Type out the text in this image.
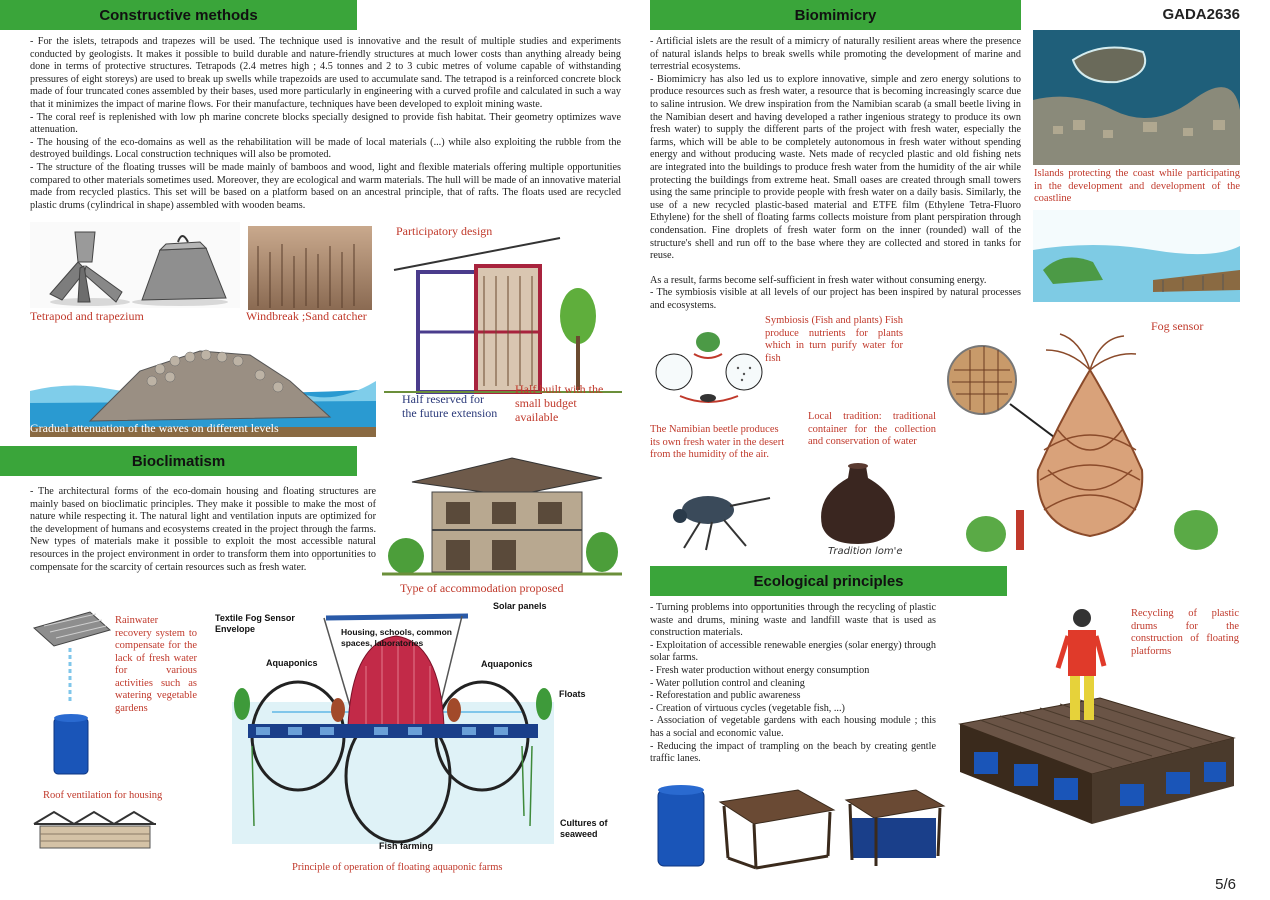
Constructive methods	Biomimicry
Bioclimatism
Ecological principles
GADA2636
5/6

- For the islets, tetrapods and trapezes will be used. The technique used is innovative and the result of multiple studies and experiments conducted by geologists. It makes it possible to build durable and nature-friendly structures at much lower costs than anything already being done in terms of protective structures. Tetrapods (2.4 metres high ; 4.5 tonnes and 2 to 3 cubic metres of volume capable of withstanding pressures of eight storeys) are used to break up swells while trapezoids are used to accumulate sand. The tetrapod is a reinforced concrete block made of four truncated cones assembled by their bases, used more particularly in engineering with a curved profile and calculated in such a way that it minimizes the impact of marine flows. For their manufacture, techniques have been developed to exploit mining waste.

- The coral reef is replenished with low ph marine concrete blocks specially designed to provide fish habitat. Their geometry optimizes wave attenuation.

- The housing of the eco-domains as well as the rehabilitation will be made of local materials (...) while also exploiting the rubble from the destroyed buildings. Local construction techniques will also be promoted.

- The structure of the floating trusses will be made mainly of bamboos and wood, light and flexible materials offering multiple opportunities compared to other materials sometimes used. Moreover, they are ecological and warm materials. The hull will be made of an innovative material made from recycled plastics. This set will be based on a platform based on an ancestral principle, that of rafts. The floats used are recycled plastic drums (cylindrical in shape) assembled with wooden beams.

Tetrapod and trapezium	Windbreak ;Sand catcher
Participatory design
Half reserved for the future extension
Half built with the small budget available
Gradual attenuation of the waves on different levels
- The architectural forms of the eco-domain housing and floating structures are mainly based on bioclimatic principles. They make it possible to make the most of nature while respecting it. The natural light and ventilation inputs are optimized for the development of humans and ecosystems created in the project through the farms. New types of materials make it possible to exploit the most accessible natural resources in the project environment in order to transform them into opportunities to compensate for the scarcity of certain resources such as fresh water.
Type of accommodation proposed
Rainwater recovery system to compensate for the lack of fresh water for various activities such as watering vegetable gardens
Roof ventilation for housing
Textile Fog Sensor Envelope
Solar panels
Housing, schools, common spaces, laboratories
Aquaponics	Aquaponics
Floats
Fish farming
Cultures of seaweed
Principle of operation of floating aquaponic farms

- Artificial islets are the result of a mimicry of naturally resilient areas where the presence of natural islands helps to break swells while promoting the development of marine and terrestrial ecosystems.

- Biomimicry has also led us to explore innovative, simple and zero energy solutions to produce resources such as fresh water, a resource that is becoming increasingly scarce due to saline intrusion. We drew inspiration from the Namibian scarab (a small beetle living in the Namibian desert and having developed a rather ingenious strategy to produce its own fresh water) to supply the different parts of the project with fresh water, especially the farms, which will be able to be completely autonomous in fresh water without spending energy and without producing waste. Nets made of recycled plastic and old fishing nets are integrated into the buildings to produce fresh water from the humidity of the air while protecting the buildings from extreme heat. Small oases are created through small towers using the same principle to provide people with fresh water on a daily basis. Similarly, the use of a new recycled plastic-based material and ETFE film (Ethylene Tetra-Fluoro Ethylene) for the shell of floating farms collects moisture from plant perspiration through condensation. Fine droplets of fresh water form on the inner (rounded) wall of the structure's shell and run off to the base where they are collected and stored in tanks for reuse.

As a result, farms become self-sufficient in fresh water without consuming energy.

- The symbiosis visible at all levels of our project has been inspired by natural processes and ecosystems.

Islands protecting the coast while participating in the development and development of the coastline
Symbiosis (Fish and plants) Fish produce nutrients for plants which in turn purify water for fish
The Namibian beetle produces its own fresh water in the desert from the humidity of the air.
Local tradition: traditional container for the collection and conservation of water
Tradition lom'e
Fog sensor

- Turning problems into opportunities through the recycling of plastic waste and drums, mining waste and landfill waste that is used as construction materials.

- Exploitation of accessible renewable energies (solar energy) through solar farms.

- Fresh water production without energy consumption

- Water pollution control and cleaning

- Reforestation and public awareness

- Creation of virtuous cycles (vegetable fish, ...)

- Association of vegetable gardens with each housing module ; this has a social and economic value.

- Reducing the impact of trampling on the beach by creating gentle traffic lanes.

Recycling of plastic drums for the construction of floating platforms
